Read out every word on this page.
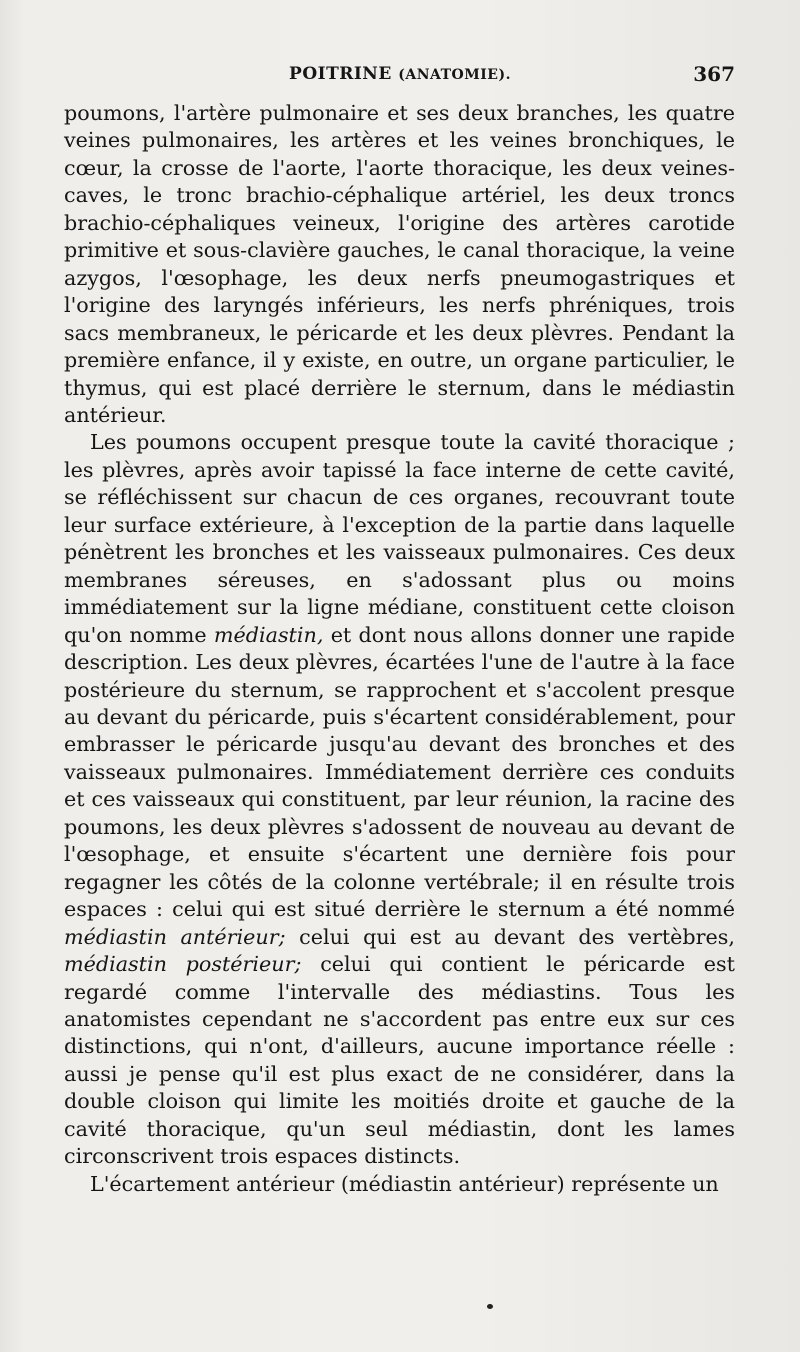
POITRINE (ANATOMIE).	367

poumons, l'artère pulmonaire et ses deux branches, les quatre veines pulmonaires, les artères et les veines bronchiques, le cœur, la crosse de l'aorte, l'aorte thoracique, les deux veines-caves, le tronc brachio-céphalique artériel, les deux troncs brachio-céphaliques veineux, l'origine des artères carotide primitive et sous-clavière gauches, le canal thoracique, la veine azygos, l'œsophage, les deux nerfs pneumogastriques et l'origine des laryngés inférieurs, les nerfs phréniques, trois sacs membraneux, le péricarde et les deux plèvres. Pendant la première enfance, il y existe, en outre, un organe particulier, le thymus, qui est placé derrière le sternum, dans le médiastin antérieur.

Les poumons occupent presque toute la cavité thoracique ; les plèvres, après avoir tapissé la face interne de cette cavité, se réfléchissent sur chacun de ces organes, recouvrant toute leur surface extérieure, à l'exception de la partie dans laquelle pénètrent les bronches et les vaisseaux pulmonaires. Ces deux membranes séreuses, en s'adossant plus ou moins immédiatement sur la ligne médiane, constituent cette cloison qu'on nomme médiastin, et dont nous allons donner une rapide description. Les deux plèvres, écartées l'une de l'autre à la face postérieure du sternum, se rapprochent et s'accolent presque au devant du péricarde, puis s'écartent considérablement, pour embrasser le péricarde jusqu'au devant des bronches et des vaisseaux pulmonaires. Immédiatement derrière ces conduits et ces vaisseaux qui constituent, par leur réunion, la racine des poumons, les deux plèvres s'adossent de nouveau au devant de l'œsophage, et ensuite s'écartent une dernière fois pour regagner les côtés de la colonne vertébrale; il en résulte trois espaces : celui qui est situé derrière le sternum a été nommé médiastin antérieur; celui qui est au devant des vertèbres, médiastin postérieur; celui qui contient le péricarde est regardé comme l'intervalle des médiastins. Tous les anatomistes cependant ne s'accordent pas entre eux sur ces distinctions, qui n'ont, d'ailleurs, aucune importance réelle : aussi je pense qu'il est plus exact de ne considérer, dans la double cloison qui limite les moitiés droite et gauche de la cavité thoracique, qu'un seul médiastin, dont les lames circonscrivent trois espaces distincts.

L'écartement antérieur (médiastin antérieur) représente un
